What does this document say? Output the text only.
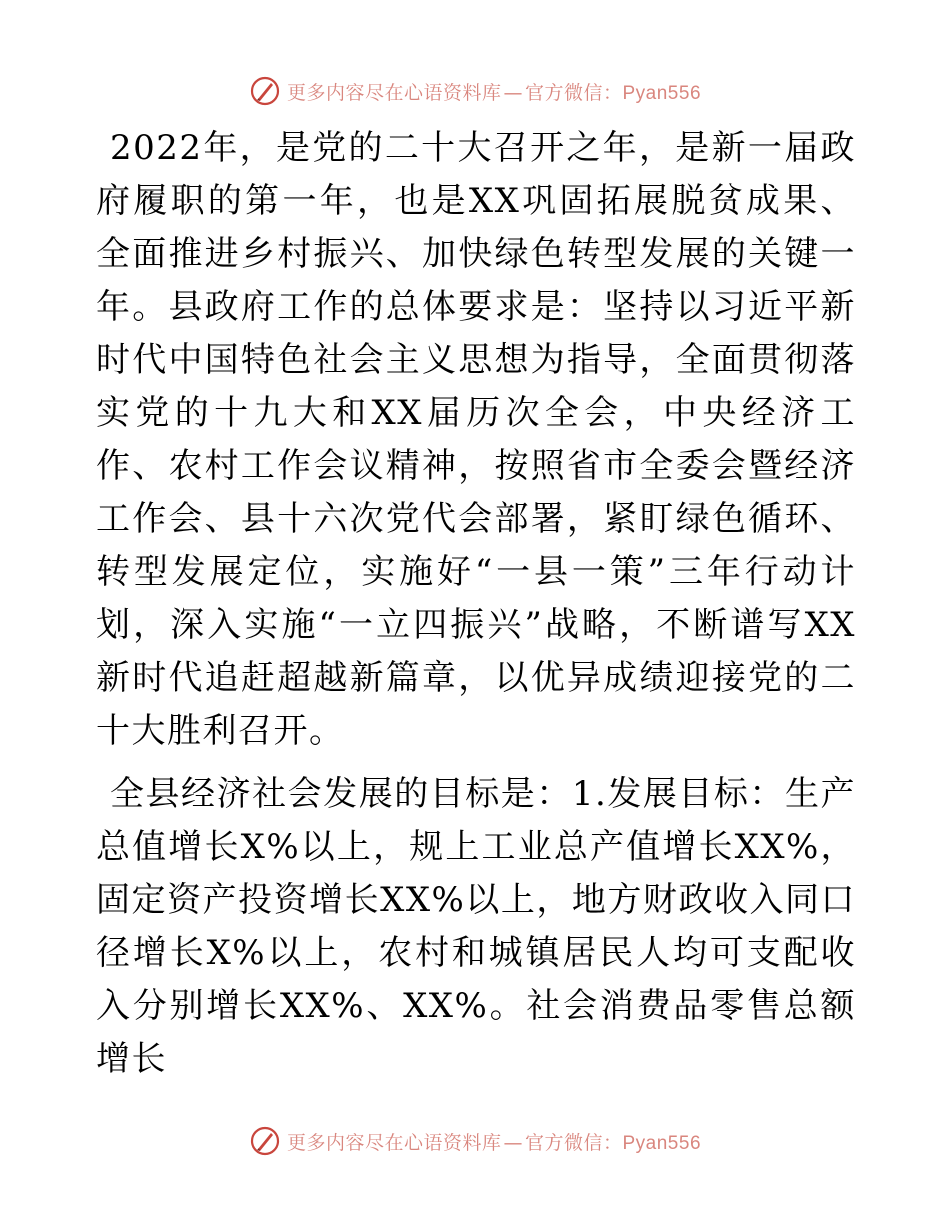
更多内容尽在心语资料库 — 官方微信：Pyan556

2022年，是党的二十大召开之年，是新一届政府履职的第一年，也是XX巩固拓展脱贫成果、全面推进乡村振兴、加快绿色转型发展的关键一年。县政府工作的总体要求是：坚持以习近平新时代中国特色社会主义思想为指导，全面贯彻落实党的十九大和XX届历次全会，中央经济工作、农村工作会议精神，按照省市全委会暨经济工作会、县十六次党代会部署，紧盯绿色循环、转型发展定位，实施好“一县一策”三年行动计划，深入实施“一立四振兴”战略，不断谱写XX新时代追赶超越新篇章，以优异成绩迎接党的二十大胜利召开。

全县经济社会发展的目标是：1.发展目标：生产总值增长X%以上，规上工业总产值增长XX%，固定资产投资增长XX%以上，地方财政收入同口径增长X%以上，农村和城镇居民人均可支配收入分别增长XX%、XX%。社会消费品零售总额增长

更多内容尽在心语资料库 — 官方微信：Pyan556
